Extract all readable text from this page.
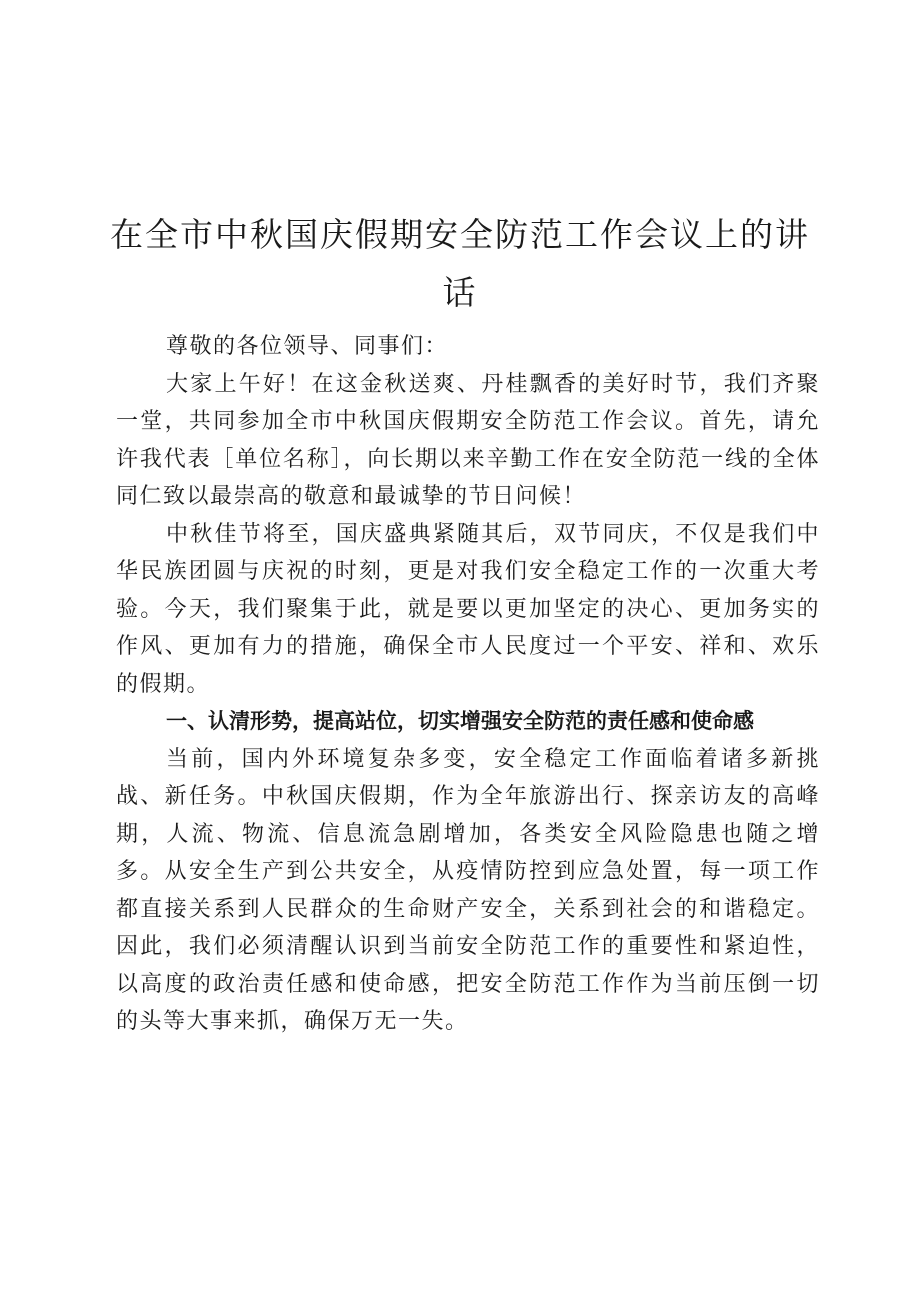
在全市中秋国庆假期安全防范工作会议上的讲话

尊敬的各位领导、同事们：

大家上午好！在这金秋送爽、丹桂飘香的美好时节，我们齐聚一堂，共同参加全市中秋国庆假期安全防范工作会议。首先，请允许我代表［单位名称］，向长期以来辛勤工作在安全防范一线的全体同仁致以最崇高的敬意和最诚挚的节日问候！

中秋佳节将至，国庆盛典紧随其后，双节同庆，不仅是我们中华民族团圆与庆祝的时刻，更是对我们安全稳定工作的一次重大考验。今天，我们聚集于此，就是要以更加坚定的决心、更加务实的作风、更加有力的措施，确保全市人民度过一个平安、祥和、欢乐的假期。

一、认清形势，提高站位，切实增强安全防范的责任感和使命感

当前，国内外环境复杂多变，安全稳定工作面临着诸多新挑战、新任务。中秋国庆假期，作为全年旅游出行、探亲访友的高峰期，人流、物流、信息流急剧增加，各类安全风险隐患也随之增多。从安全生产到公共安全，从疫情防控到应急处置，每一项工作都直接关系到人民群众的生命财产安全，关系到社会的和谐稳定。因此，我们必须清醒认识到当前安全防范工作的重要性和紧迫性，以高度的政治责任感和使命感，把安全防范工作作为当前压倒一切的头等大事来抓，确保万无一失。
